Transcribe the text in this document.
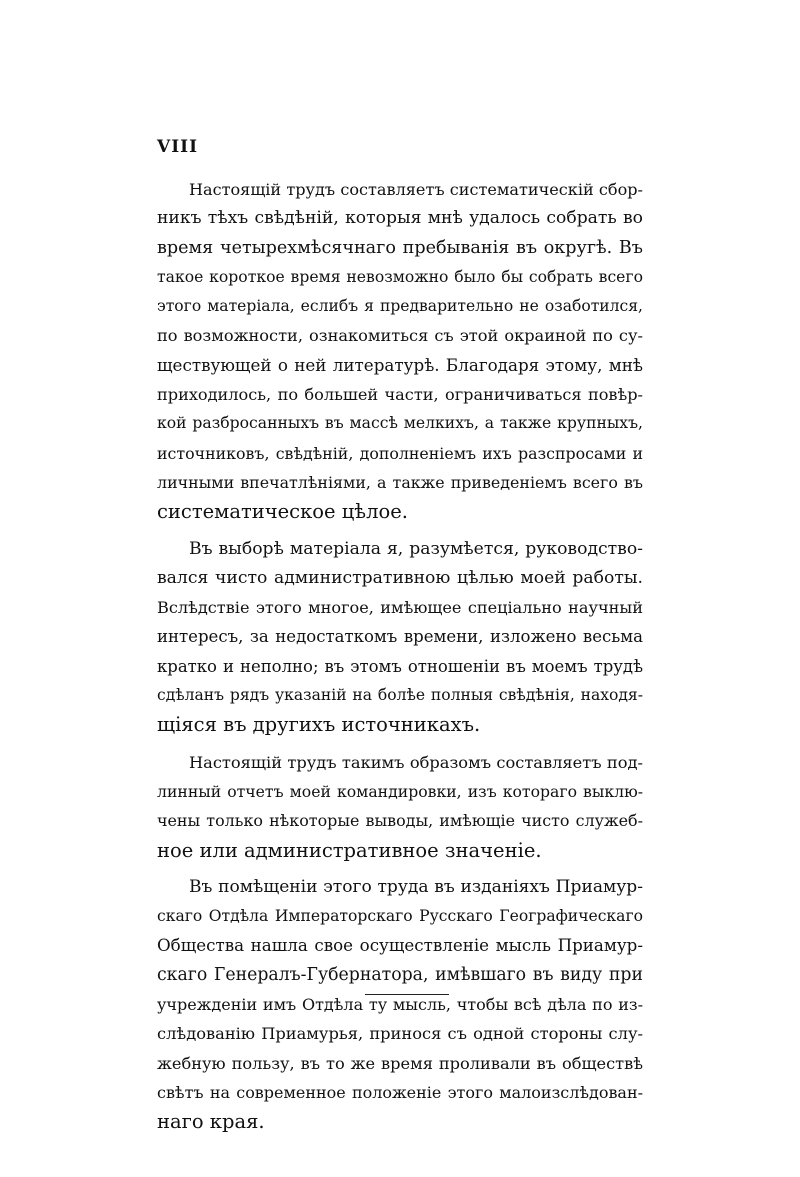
VIII
Настоящій трудъ составляетъ систематическій сбор-
никъ тѣхъ свѣдѣній, которыя мнѣ удалось собрать во
время четырехмѣсячнаго пребыванія въ округѣ. Въ
такое короткое время невозможно было бы собрать всего
этого матеріала, еслибъ я предварительно не озаботился,
по возможности, ознакомиться съ этой окраиной по су-
ществующей о ней литературѣ. Благодаря этому, мнѣ
приходилось, по большей части, ограничиваться повѣр-
кой разбросанныхъ въ массѣ мелкихъ, а также крупныхъ,
источниковъ, свѣдѣній, дополненіемъ ихъ разспросами и
личными впечатлѣніями, а также приведеніемъ всего въ
систематическое цѣлое.
Въ выборѣ матеріала я, разумѣется, руководство-
вался чисто административною цѣлью моей работы.
Вслѣдствіе этого многое, имѣющее спеціально научный
интересъ, за недостаткомъ времени, изложено весьма
кратко и неполно; въ этомъ отношеніи въ моемъ трудѣ
сдѣланъ рядъ указаній на болѣе полныя свѣдѣнія, находя-
щіяся въ другихъ источникахъ.
Настоящій трудъ такимъ образомъ составляетъ под-
линный отчетъ моей командировки, изъ котораго выклю-
чены только нѣкоторые выводы, имѣющіе чисто служеб-
ное или административное значеніе.
Въ помѣщеніи этого труда въ изданіяхъ Приамур-
скаго Отдѣла Императорскаго Русскаго Географическаго
Общества нашла свое осуществленіе мысль Приамур-
скаго Генералъ-Губернатора, имѣвшаго въ виду при
учрежденіи имъ Отдѣла ту мысль, чтобы всѣ дѣла по из-
слѣдованію Приамурья, принося съ одной стороны слу-
жебную пользу, въ то же время проливали въ обществѣ
свѣтъ на современное положеніе этого малоизслѣдован-
наго края.
